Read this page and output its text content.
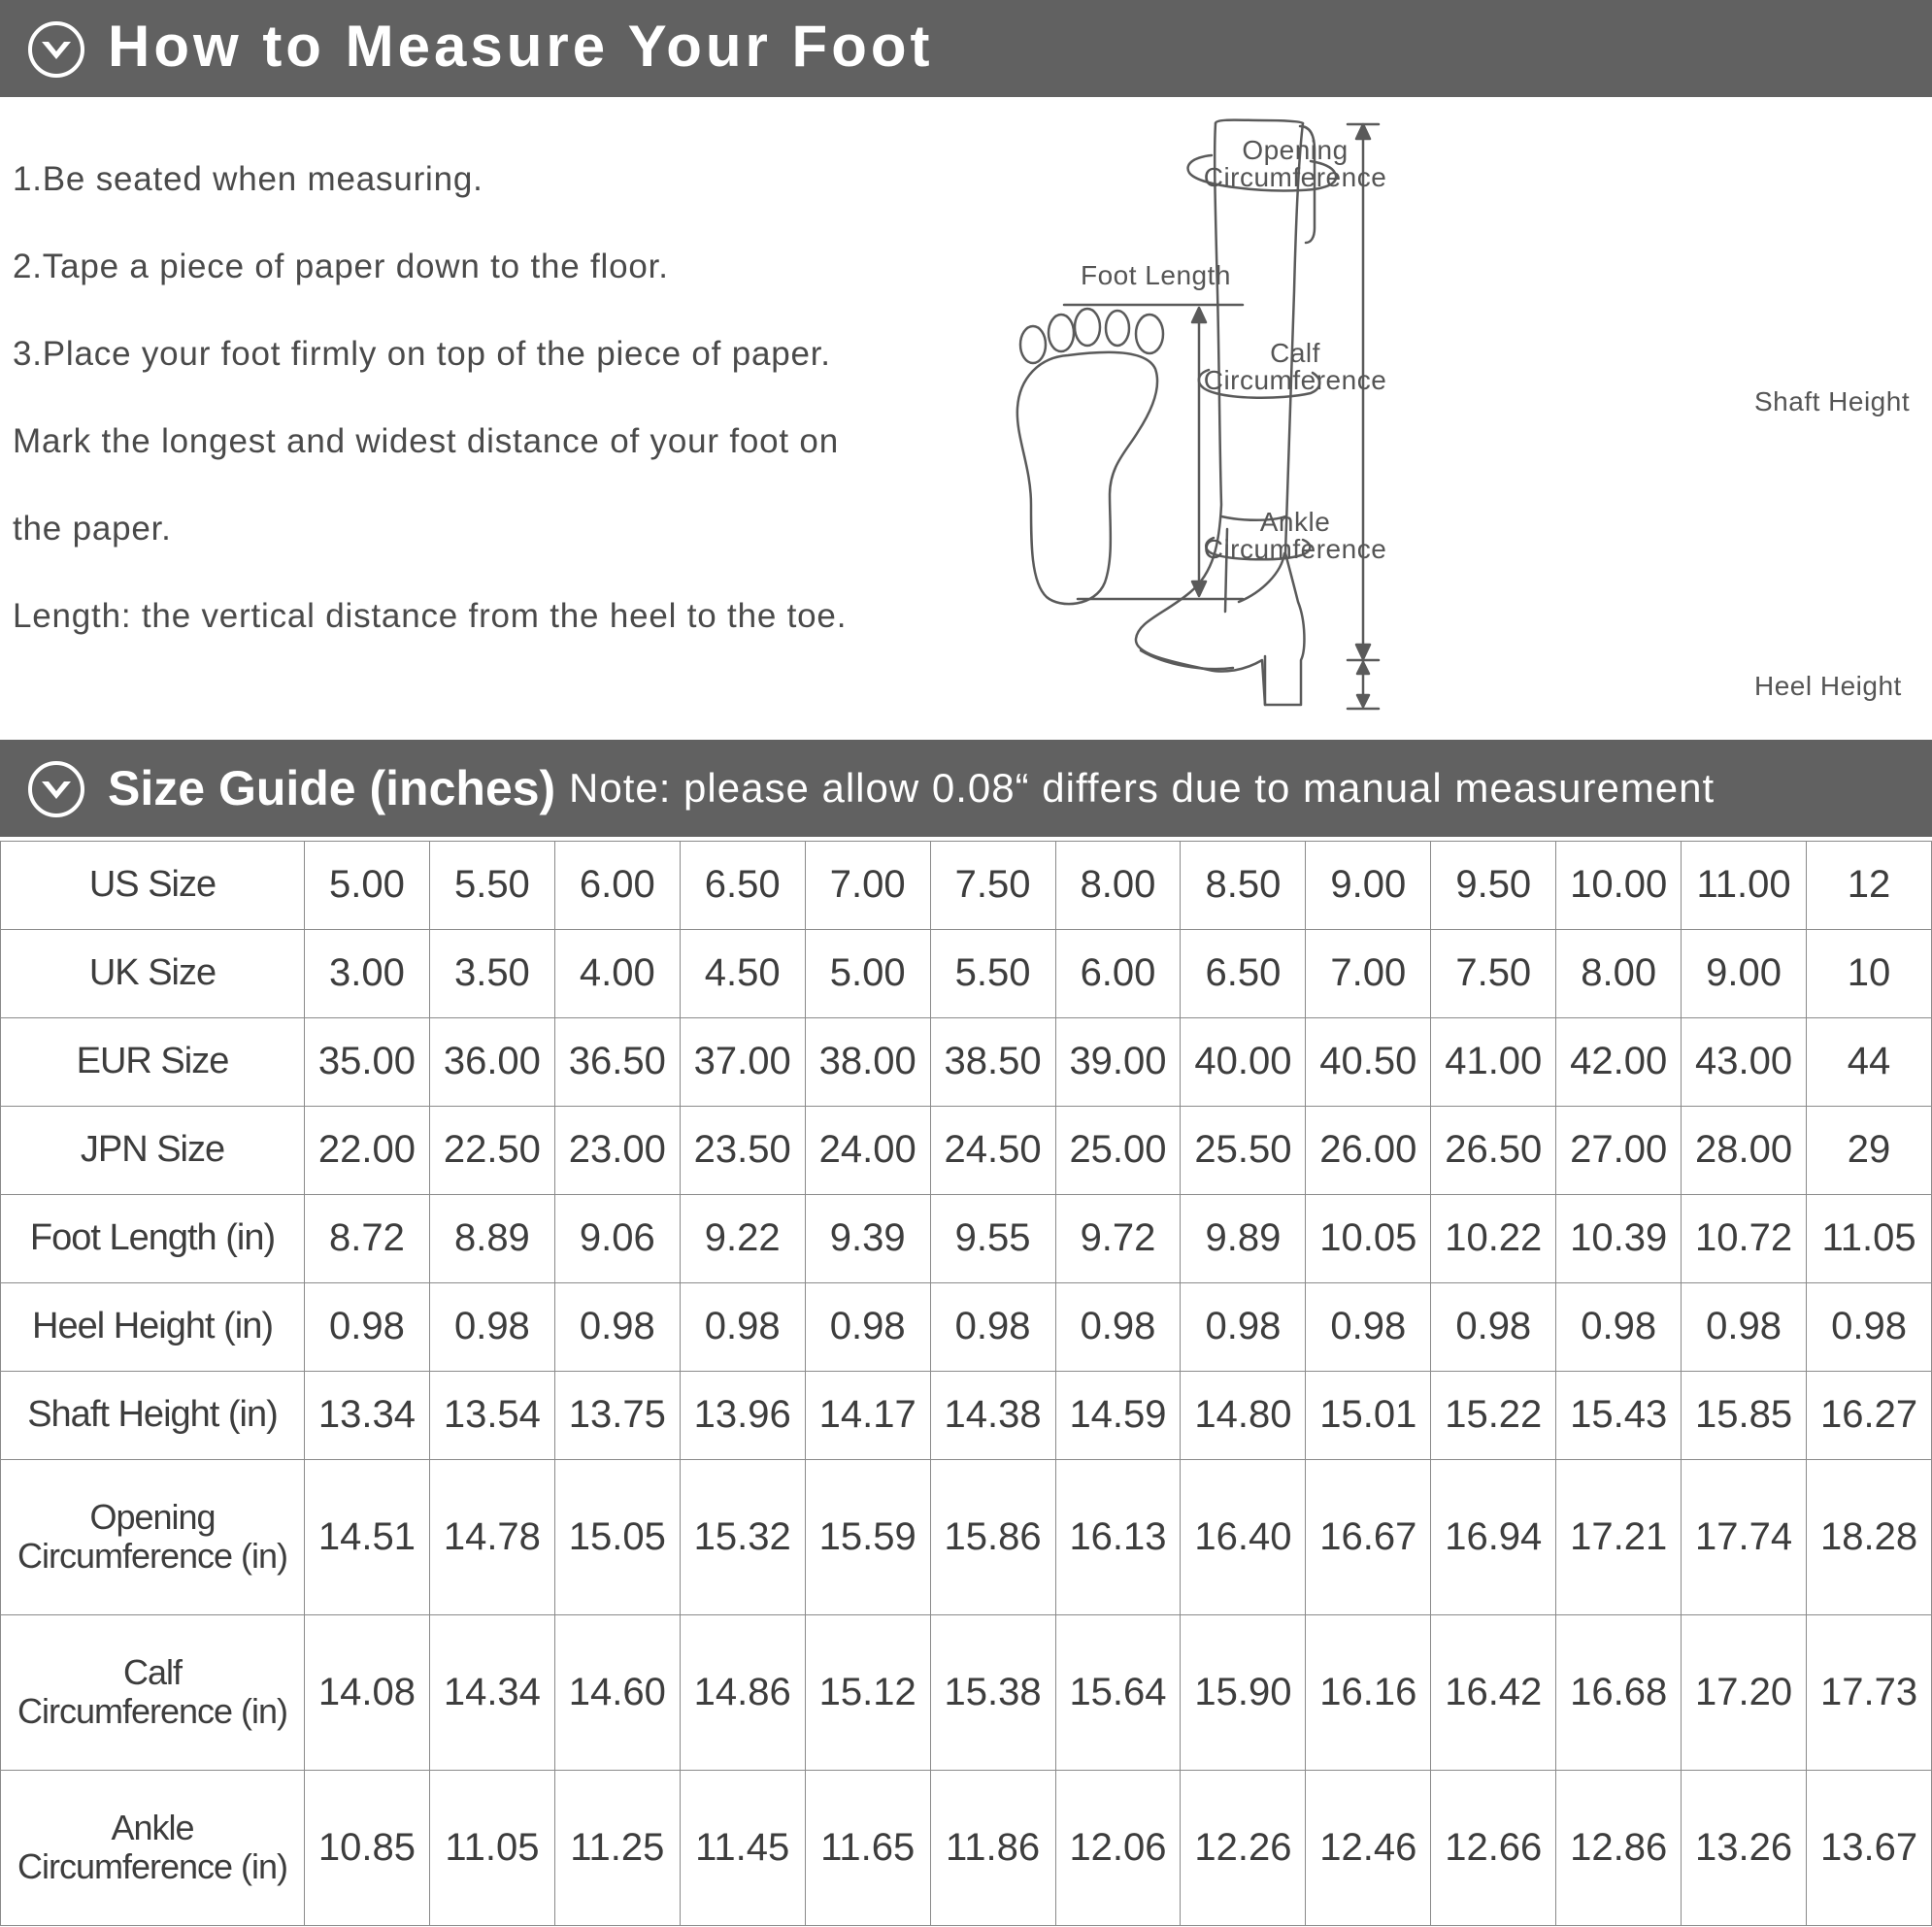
How to Measure Your Foot
1.Be seated when measuring.
2.Tape a piece of paper down to the floor.
3.Place your foot firmly on top of the piece of paper.
Mark the longest and widest distance of your foot on
the paper.
Length: the vertical distance from the heel to the toe.
Foot Length
Opening
Circumference
Calf
Circumference
Ankle
Circumference
Shaft Height
Heel Height
Size Guide (inches) Note: please allow 0.08“ differs due to manual measurement
US Size	5.00	5.50	6.00	6.50	7.00	7.50	8.00	8.50	9.00	9.50	10.00	11.00	12
UK Size	3.00	3.50	4.00	4.50	5.00	5.50	6.00	6.50	7.00	7.50	8.00	9.00	10
EUR Size	35.00	36.00	36.50	37.00	38.00	38.50	39.00	40.00	40.50	41.00	42.00	43.00	44
JPN Size	22.00	22.50	23.00	23.50	24.00	24.50	25.00	25.50	26.00	26.50	27.00	28.00	29
Foot Length (in)	8.72	8.89	9.06	9.22	9.39	9.55	9.72	9.89	10.05	10.22	10.39	10.72	11.05
Heel Height (in)	0.98	0.98	0.98	0.98	0.98	0.98	0.98	0.98	0.98	0.98	0.98	0.98	0.98
Shaft Height (in)	13.34	13.54	13.75	13.96	14.17	14.38	14.59	14.80	15.01	15.22	15.43	15.85	16.27

Opening
Circumference (in)	14.51	14.78	15.05	15.32	15.59	15.86	16.13	16.40	16.67	16.94	17.21	17.74	18.28

Calf
Circumference (in)	14.08	14.34	14.60	14.86	15.12	15.38	15.64	15.90	16.16	16.42	16.68	17.20	17.73

Ankle
Circumference (in)	10.85	11.05	11.25	11.45	11.65	11.86	12.06	12.26	12.46	12.66	12.86	13.26	13.67
